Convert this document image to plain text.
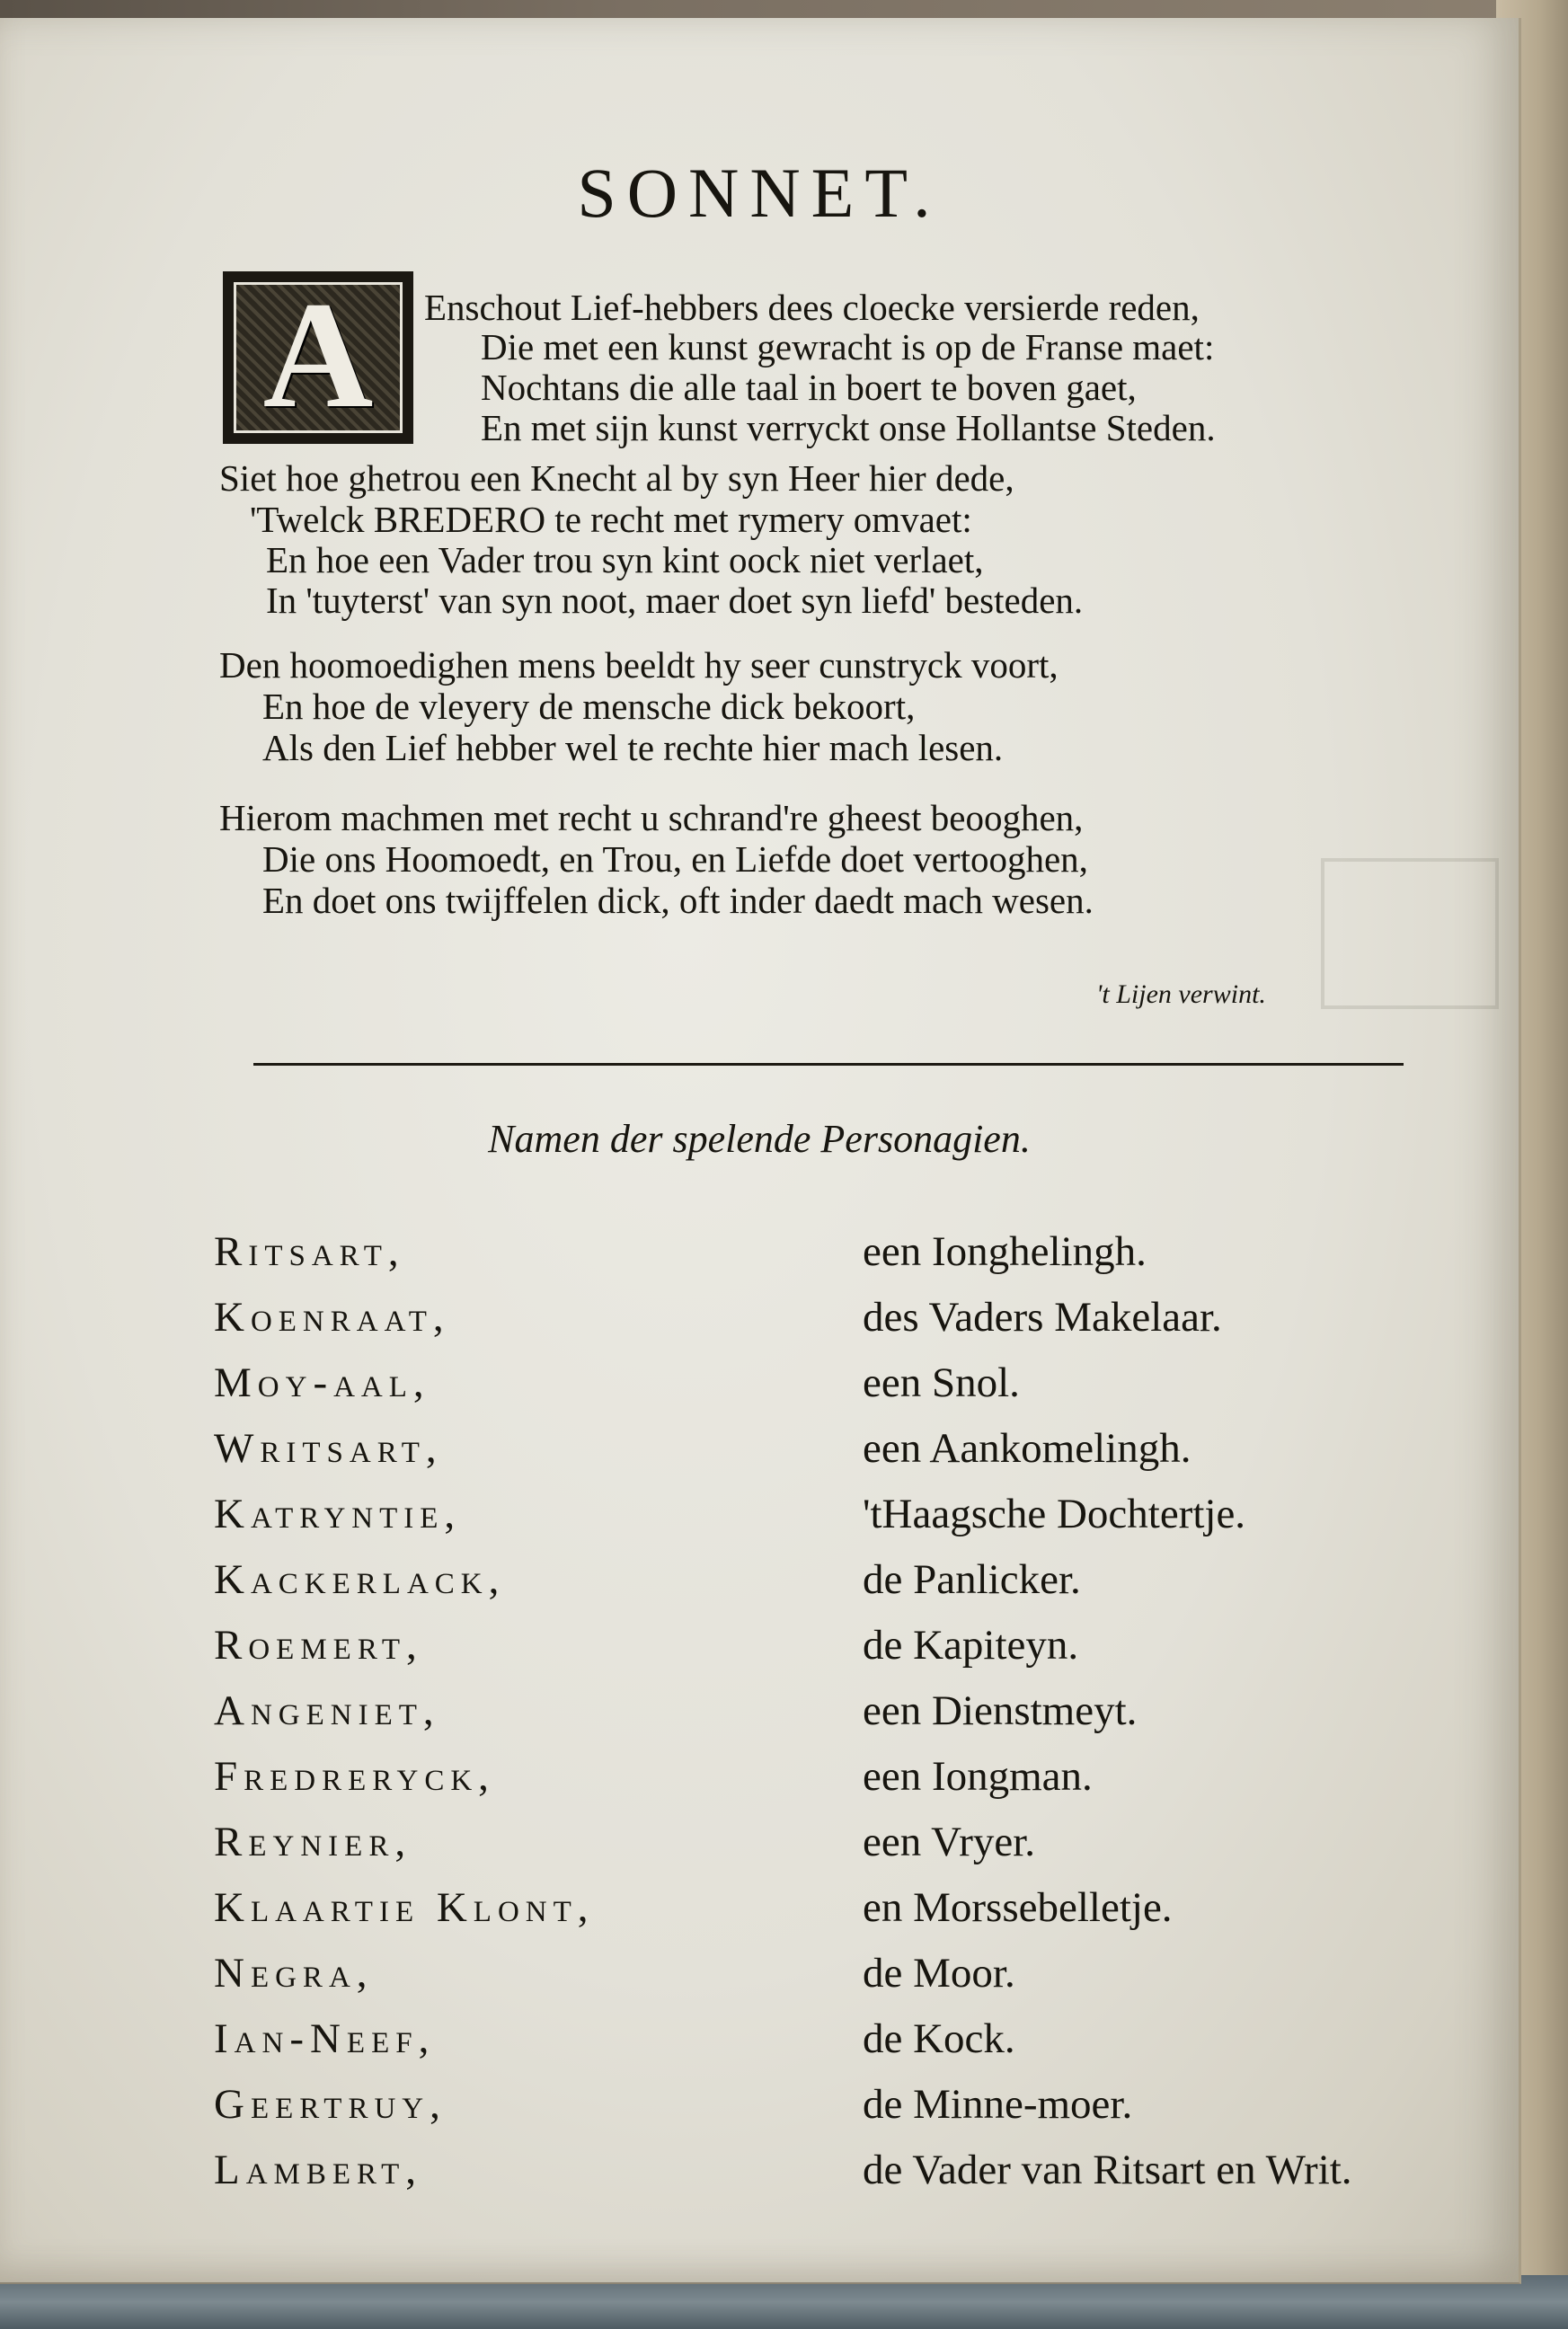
SONNET.
A	Enschout Lief-hebbers dees cloecke versierde reden,
Die met een kunst gewracht is op de Franse maet:
Nochtans die alle taal in boert te boven gaet,
En met sijn kunst verryckt onse Hollantse Steden.
Siet hoe ghetrou een Knecht al by syn Heer hier dede,
'Twelck BREDERO te recht met rymery omvaet:
En hoe een Vader trou syn kint oock niet verlaet,
In 'tuyterst' van syn noot, maer doet syn liefd' besteden.
Den hoomoedighen mens beeldt hy seer cunstryck voort,
En hoe de vleyery de mensche dick bekoort,
Als den Lief hebber wel te rechte hier mach lesen.
Hierom machmen met recht u schrand're gheest beooghen,
Die ons Hoomoedt, en Trou, en Liefde doet vertooghen,
En doet ons twijffelen dick, oft inder daedt mach wesen.
't Lijen verwint.
Namen der spelende Personagien.
Ritsart,	een Ionghelingh.
Koenraat,	des Vaders Makelaar.
Moy-aal,	een Snol.
Writsart,	een Aankomelingh.
Katryntie,	'tHaagsche Dochtertje.
Kackerlack,	de Panlicker.
Roemert,	de Kapiteyn.
Angeniet,	een Dienstmeyt.
Fredreryck,	een Iongman.
Reynier,	een Vryer.
Klaartie Klont,	en Morssebelletje.
Negra,	de Moor.
Ian-Neef,	de Kock.
Geertruy,	de Minne-moer.
Lambert,	de Vader van Ritsart en Writ.
